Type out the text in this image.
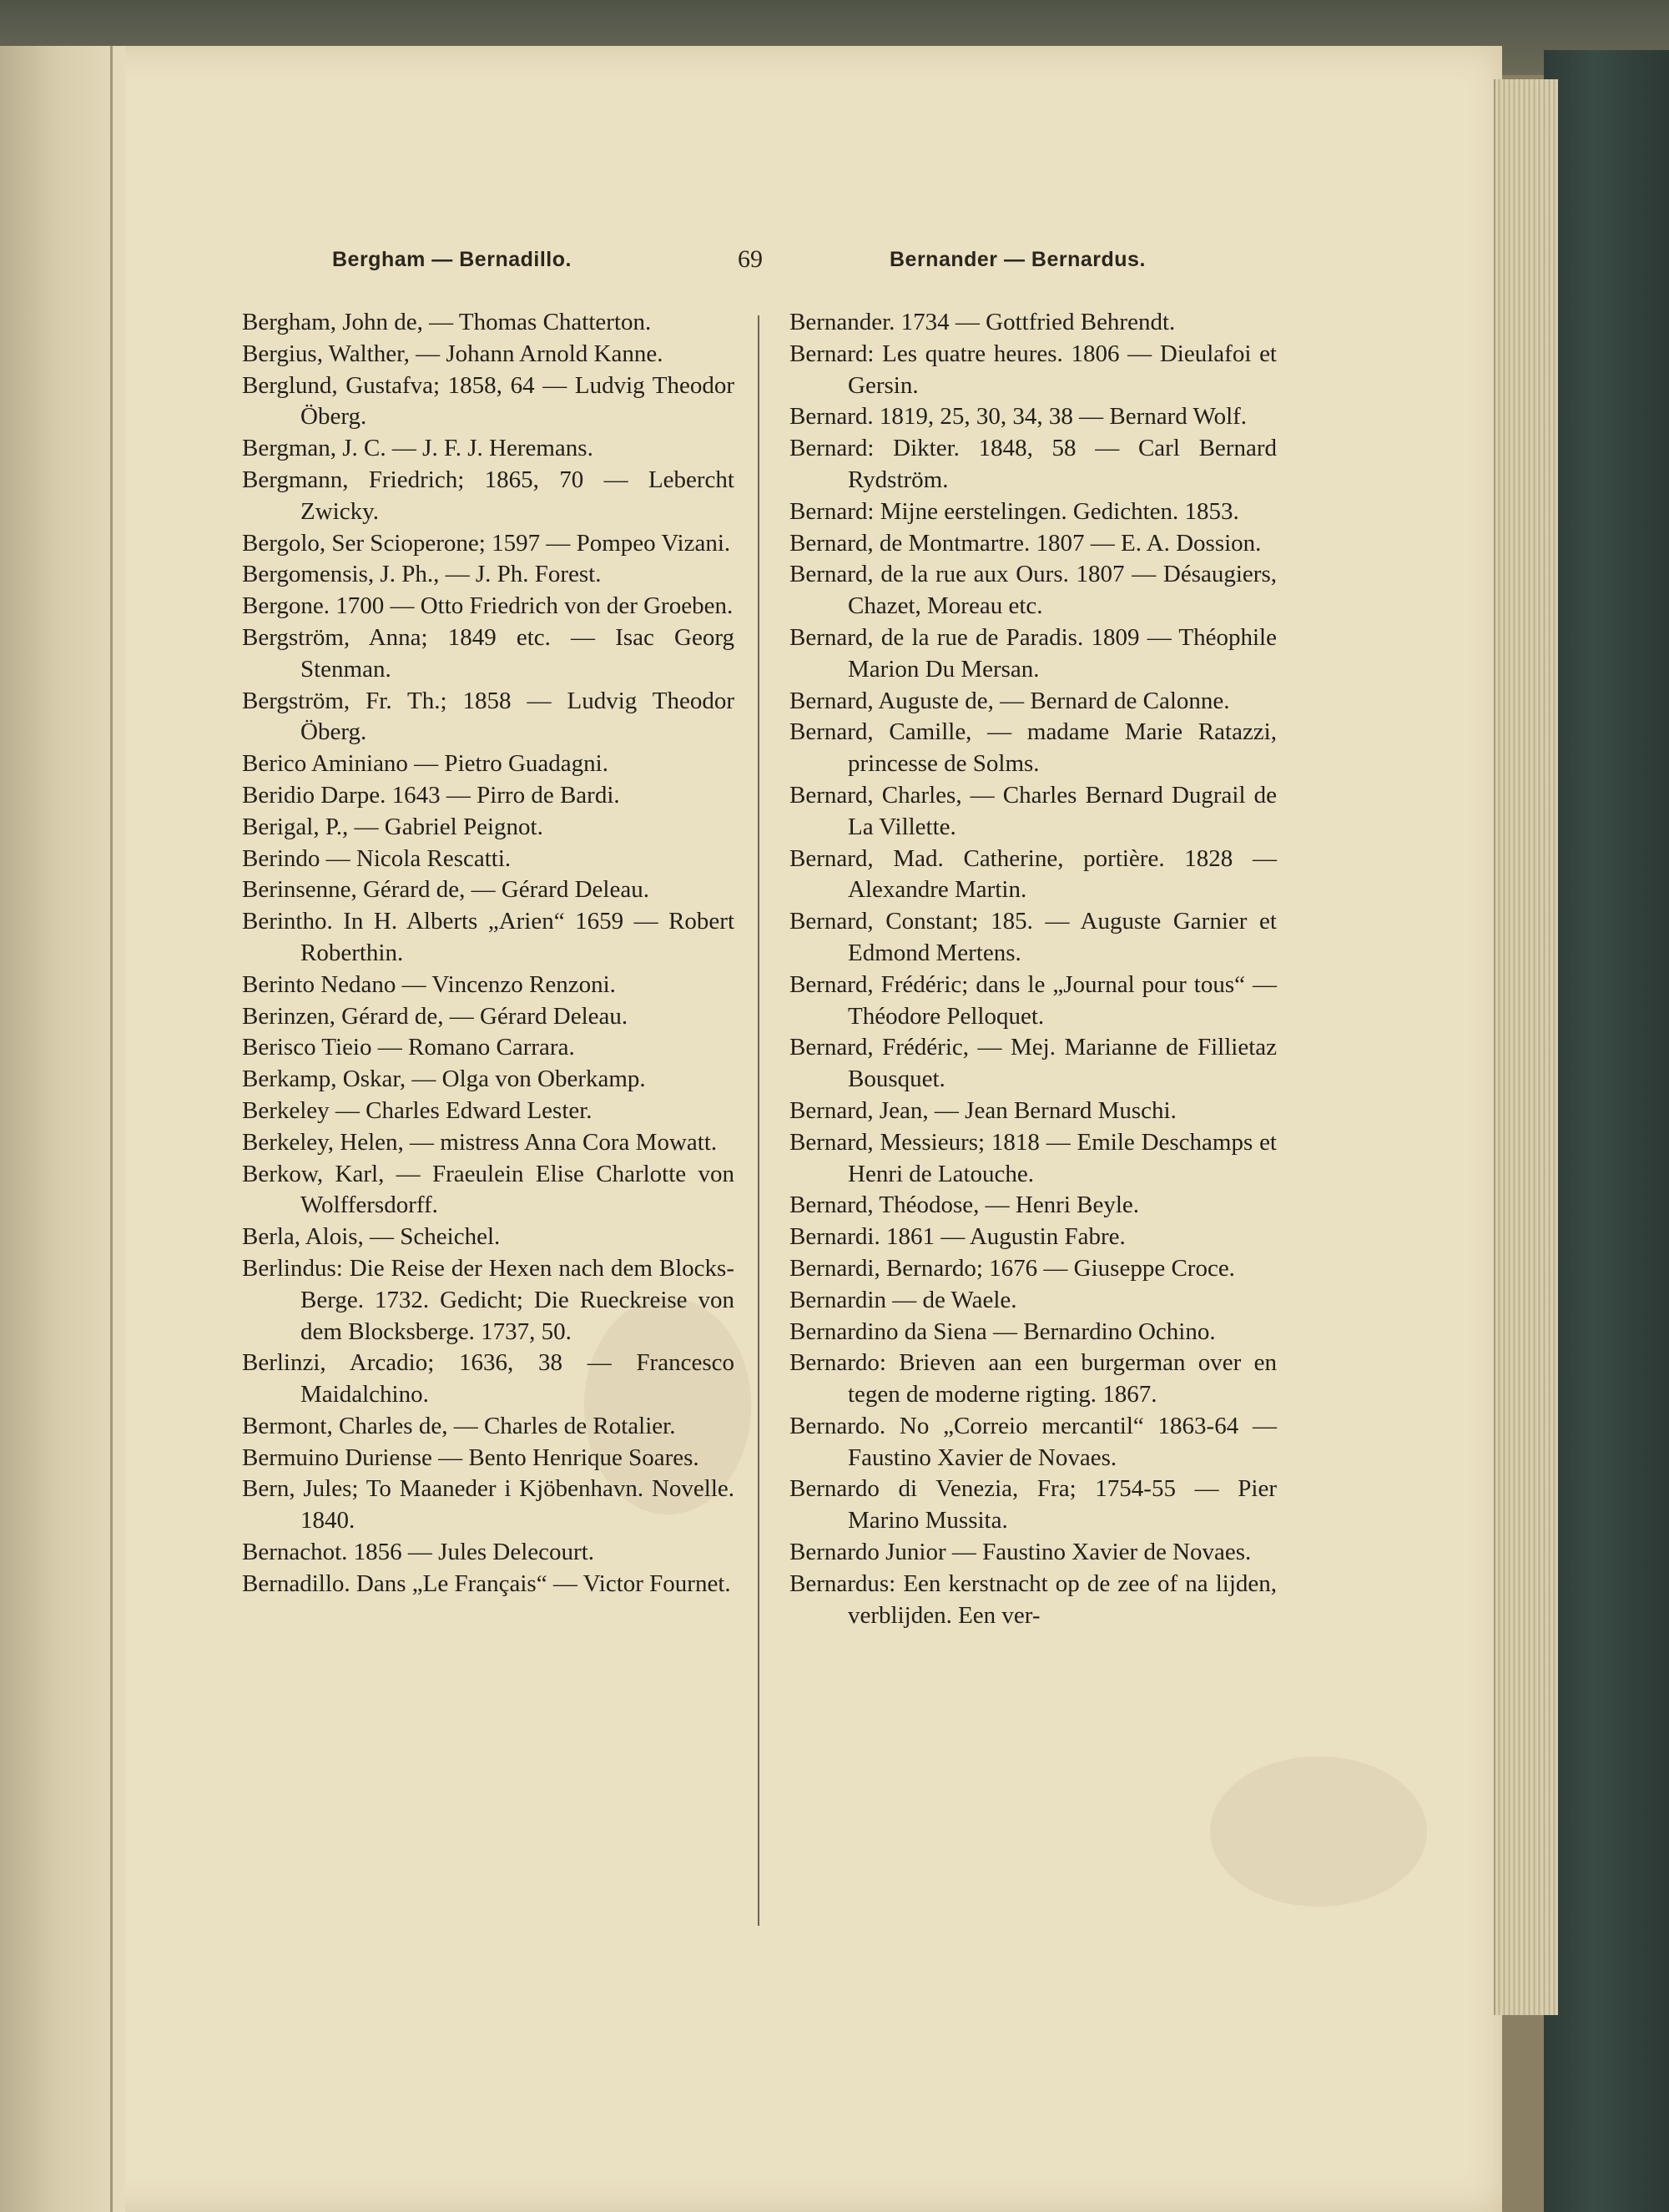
Bergham — Bernadillo.	69	Bernander — Bernardus.

Bergham, John de, — Thomas Chatterton.

Bergius, Walther, — Johann Arnold Kanne.

Berglund, Gustafva; 1858, 64 — Ludvig Theodor Öberg.

Bergman, J. C. — J. F. J. Heremans.

Bergmann, Friedrich; 1865, 70 — Lebercht Zwicky.

Bergolo, Ser Scioperone; 1597 — Pompeo Vizani.

Bergomensis, J. Ph., — J. Ph. Forest.

Bergone. 1700 — Otto Friedrich von der Groeben.

Bergström, Anna; 1849 etc. — Isac Georg Stenman.

Bergström, Fr. Th.; 1858 — Ludvig Theodor Öberg.

Berico Aminiano — Pietro Guadagni.

Beridio Darpe. 1643 — Pirro de Bardi.

Berigal, P., — Gabriel Peignot.

Berindo — Nicola Rescatti.

Berinsenne, Gérard de, — Gérard Deleau.

Berintho. In H. Alberts „Arien“ 1659 — Robert Roberthin.

Berinto Nedano — Vincenzo Renzoni.

Berinzen, Gérard de, — Gérard Deleau.

Berisco Tieio — Romano Carrara.

Berkamp, Oskar, — Olga von Oberkamp.

Berkeley — Charles Edward Lester.

Berkeley, Helen, — mistress Anna Cora Mowatt.

Berkow, Karl, — Fraeulein Elise Charlotte von Wolffersdorff.

Berla, Alois, — Scheichel.

Berlindus: Die Reise der Hexen nach dem Blocks-Berge. 1732. Gedicht; Die Rueckreise von dem Blocksberge. 1737, 50.

Berlinzi, Arcadio; 1636, 38 — Francesco Maidalchino.

Bermont, Charles de, — Charles de Rotalier.

Bermuino Duriense — Bento Henrique Soares.

Bern, Jules; To Maaneder i Kjöbenhavn. Novelle. 1840.

Bernachot. 1856 — Jules Delecourt.

Bernadillo. Dans „Le Français“ — Victor Fournet.

Bernander. 1734 — Gottfried Behrendt.

Bernard: Les quatre heures. 1806 — Dieulafoi et Gersin.

Bernard. 1819, 25, 30, 34, 38 — Bernard Wolf.

Bernard: Dikter. 1848, 58 — Carl Bernard Rydström.

Bernard: Mijne eerstelingen. Gedichten. 1853.

Bernard, de Montmartre. 1807 — E. A. Dossion.

Bernard, de la rue aux Ours. 1807 — Désaugiers, Chazet, Moreau etc.

Bernard, de la rue de Paradis. 1809 — Théophile Marion Du Mersan.

Bernard, Auguste de, — Bernard de Calonne.

Bernard, Camille, — madame Marie Ratazzi, princesse de Solms.

Bernard, Charles, — Charles Bernard Dugrail de La Villette.

Bernard, Mad. Catherine, portière. 1828 — Alexandre Martin.

Bernard, Constant; 185. — Auguste Garnier et Edmond Mertens.

Bernard, Frédéric; dans le „Journal pour tous“ — Théodore Pelloquet.

Bernard, Frédéric, — Mej. Marianne de Fillietaz Bousquet.

Bernard, Jean, — Jean Bernard Muschi.

Bernard, Messieurs; 1818 — Emile Deschamps et Henri de Latouche.

Bernard, Théodose, — Henri Beyle.

Bernardi. 1861 — Augustin Fabre.

Bernardi, Bernardo; 1676 — Giuseppe Croce.

Bernardin — de Waele.

Bernardino da Siena — Bernardino Ochino.

Bernardo: Brieven aan een burgerman over en tegen de moderne rigting. 1867.

Bernardo. No „Correio mercantil“ 1863-64 — Faustino Xavier de Novaes.

Bernardo di Venezia, Fra; 1754-55 — Pier Marino Mussita.

Bernardo Junior — Faustino Xavier de Novaes.

Bernardus: Een kerstnacht op de zee of na lijden, verblijden. Een ver-
